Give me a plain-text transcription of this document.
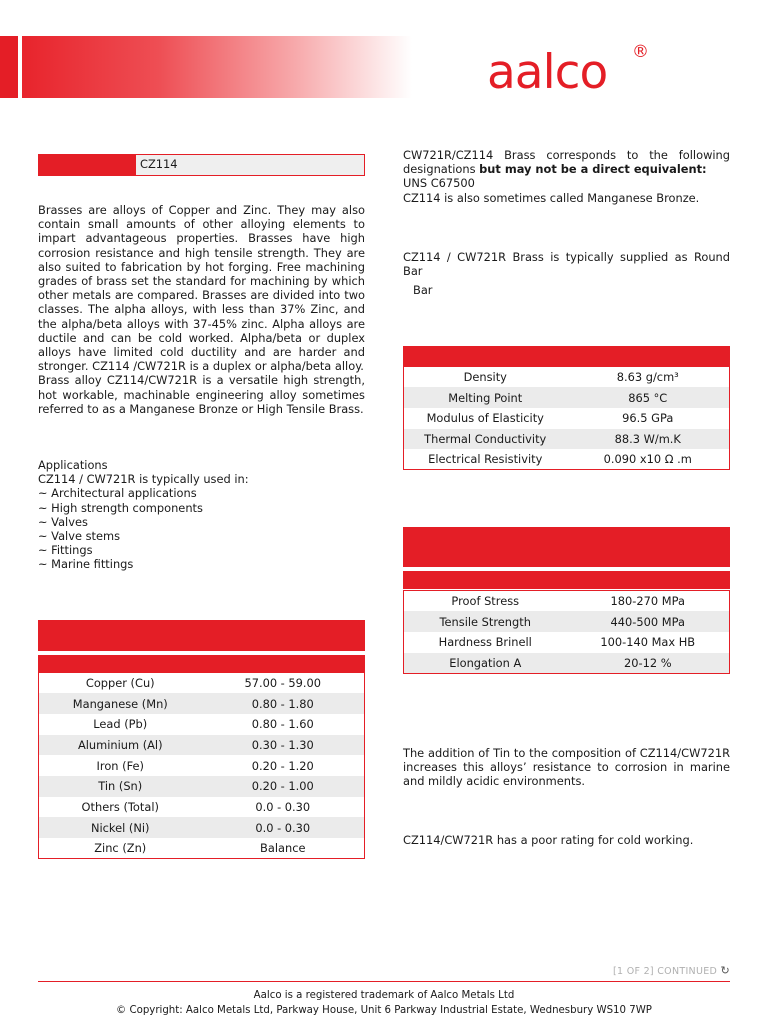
aalco ®
CZ114

Brasses are alloys of Copper and Zinc. They may also contain small amounts of other alloying elements to impart advantageous properties. Brasses have high corrosion resistance and high tensile strength. They are also suited to fabrication by hot forging. Free machining grades of brass set the standard for machining by which other metals are compared. Brasses are divided into two classes. The alpha alloys, with less than 37% Zinc, and the alpha/beta alloys with 37-45% zinc. Alpha alloys are ductile and can be cold worked. Alpha/beta or duplex alloys have limited cold ductility and are harder and stronger. CZ114 /CW721R is a duplex or alpha/beta alloy.

Brass alloy CZ114/CW721R is a versatile high strength, hot workable, machinable engineering alloy sometimes referred to as a Manganese Bronze or High Tensile Brass.

Applications

CZ114 / CW721R is typically used in:

~ Architectural applications

~ High strength components

~ Valves

~ Valve stems

~ Fittings

~ Marine fittings

Copper (Cu)	57.00 - 59.00
Manganese (Mn)	0.80 - 1.80
Lead (Pb)	0.80 - 1.60
Aluminium (Al)	0.30 - 1.30
Iron (Fe)	0.20 - 1.20
Tin (Sn)	0.20 - 1.00
Others (Total)	0.0 - 0.30
Nickel (Ni)	0.0 - 0.30
Zinc (Zn)	Balance

CW721R/CZ114 Brass corresponds to the following designations but may not be a direct equivalent:

UNS C67500

CZ114 is also sometimes called Manganese Bronze.

CZ114 / CW721R Brass is typically supplied as Round Bar

Bar

Density	8.63 g/cm³
Melting Point	865 °C
Modulus of Elasticity	96.5 GPa
Thermal Conductivity	88.3 W/m.K
Electrical Resistivity	0.090 x10 Ω .m
Proof Stress	180-270 MPa
Tensile Strength	440-500 MPa
Hardness Brinell	100-140 Max HB
Elongation A	20-12 %

The addition of Tin to the composition of CZ114/CW721R increases this alloys’ resistance to corrosion in marine and mildly acidic environments.

CZ114/CW721R has a poor rating for cold working.

[1 OF 2] CONTINUED ↻
Aalco is a registered trademark of Aalco Metals Ltd
© Copyright: Aalco Metals Ltd, Parkway House, Unit 6 Parkway Industrial Estate, Wednesbury WS10 7WP
